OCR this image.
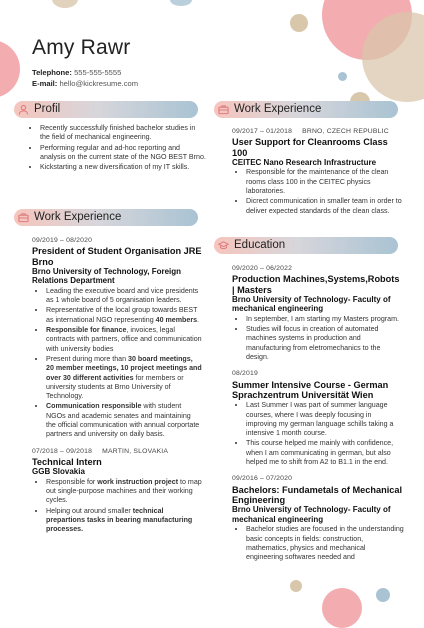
Amy Rawr
Telephone: 555-555-5555
E-mail: hello@kickresume.com
Profil
• Recently successfully finished bachelor studies in the field of mechanical engineering.
• Performing regular and ad-hoc reporting and analysis on the current state of the NGO BEST Brno.
• Kickstarting a new diversification of my IT skills.
Work Experience
09/2019 – 08/2020
President of Student Organisation JRE Brno
Brno University of Technology, Foreign Relations Department
• Leading the executive board and vice presidents as 1 whole board of 5 organisation leaders.
• Representative of the local group towards BEST as international NGO representing 40 members.
• Responsible for finance, invoices, legal contracts with partners, office and communication with university bodies
• Present during more than 30 board meetings, 20 member meetings, 10 project meetings and over 30 different activities for members or university students at Brno University of Technology.
• Communication responsible with student NGOs and academic senates and maintaining the official communication with annual corportate partners and university on daily basis.
07/2018 – 09/2018 MARTIN, SLOVAKIA
Technical Intern
GGB Slovakia
• Responsible for work instruction project to map out single-purpose machines and their working cycles.
• Helping out around smaller technical prepartions tasks in bearing manufacturing processes.
Work Experience
09/2017 – 01/2018 BRNO, CZECH REPUBLIC
User Support for Cleanrooms Class 100
CEITEC Nano Research Infrastructure
• Responsible for the maintenance of the clean rooms class 100 in the CEITEC physics laboratories.
• Dicrect communication in smaller team in order to deliver expected standards of the clean class.
Education
09/2020 – 06/2022
Production Machines,Systems,Robots | Masters
Brno University of Technology- Faculty of mechanical engineering
• In september, I am starting my Masters program.
• Studies will focus in creation of automated machines systems in production and manufacturing from eletromechanics to the design.
08/2019
Summer Intensive Course - German Sprachzentrum Universität Wien
• Last Summer I was part of summer language courses, where I was deeply focusing in improving my german language schills taking a intensive 1 month course.
• This course helped me mainly with confidence, when I am communicating in german, but also helped me to shift from A2 to B1.1 in the end.
09/2016 – 07/2020
Bachelors: Fundametals of Mechanical Engineering
Brno University of Technology- Faculty of mechanical engineering
• Bachelor studies are focused in the understanding basic concepts in fields: construction, mathematics, physics and mechanical engineering softwares needed and
